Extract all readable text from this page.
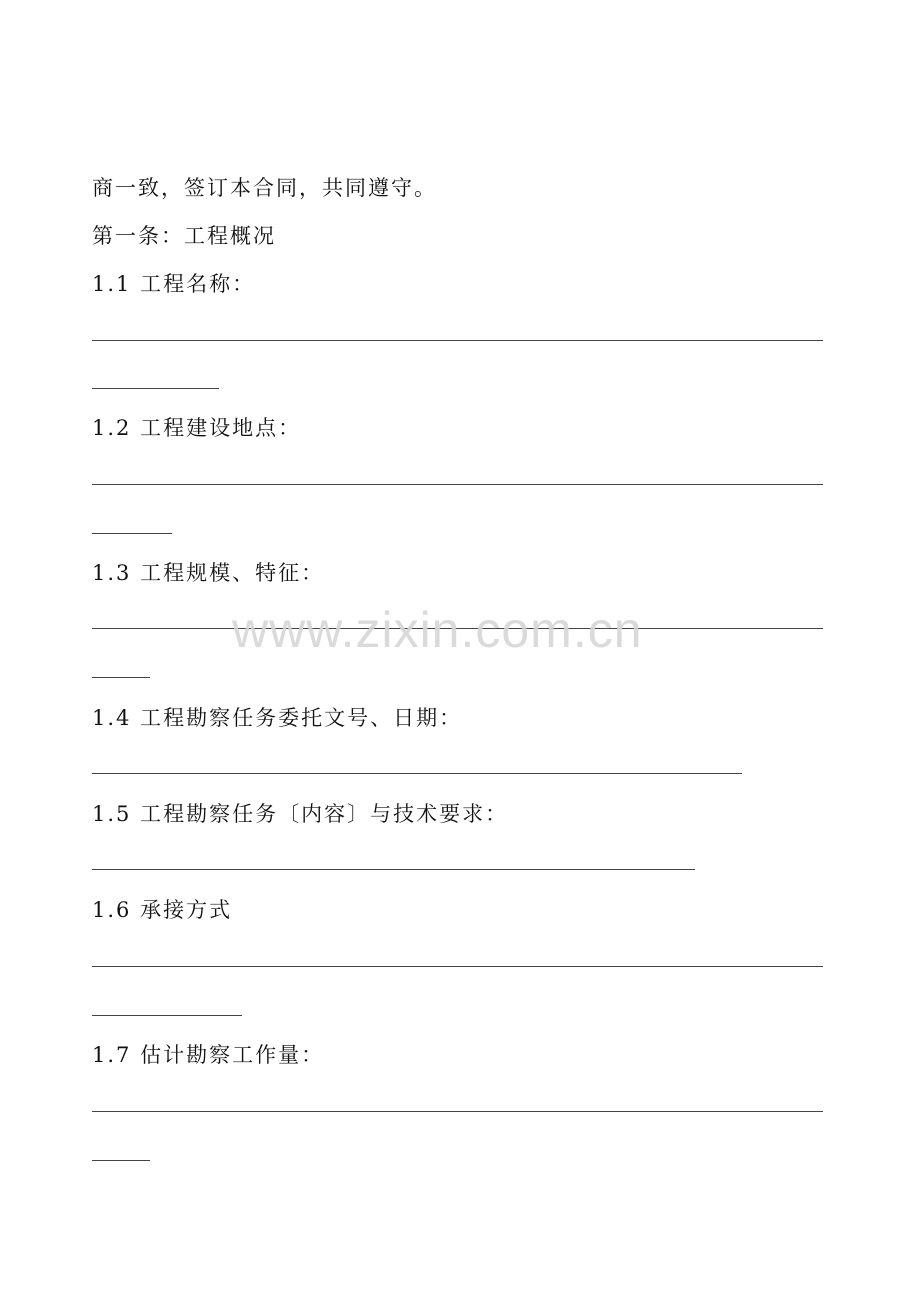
商一致，签订本合同，共同遵守。
第一条：工程概况
1.1 工程名称：
1.2 工程建设地点：
1.3 工程规模、特征：
1.4 工程勘察任务委托文号、日期：
1.5 工程勘察任务〔内容〕与技术要求：
1.6 承接方式
1.7 估计勘察工作量：
www.zixin.com.cn
